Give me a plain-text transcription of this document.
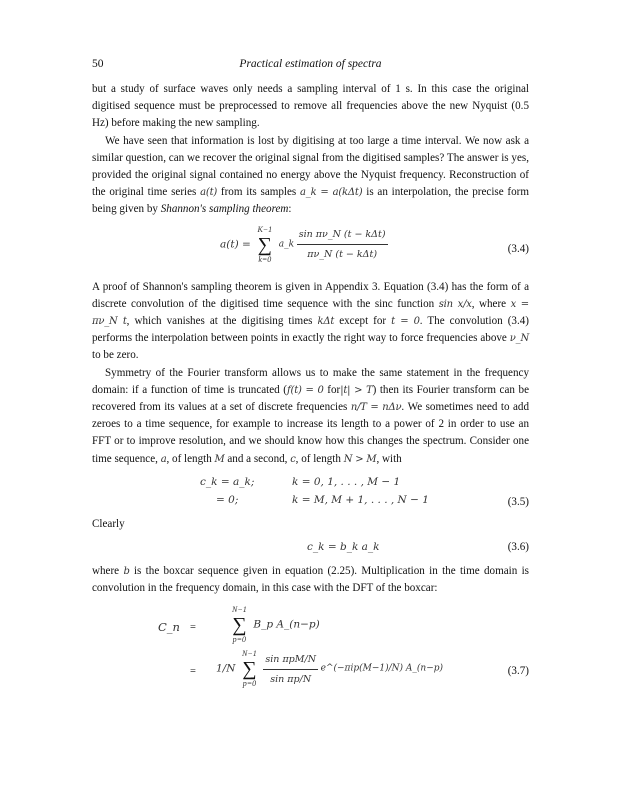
50	Practical estimation of spectra

but a study of surface waves only needs a sampling interval of 1 s. In this case the original digitised sequence must be preprocessed to remove all frequencies above the new Nyquist (0.5 Hz) before making the new sampling.

We have seen that information is lost by digitising at too large a time interval. We now ask a similar question, can we recover the original signal from the digitised samples? The answer is yes, provided the original signal contained no energy above the Nyquist frequency. Reconstruction of the original time series a(t) from its samples a_k = a(kΔt) is an interpolation, the precise form being given by Shannon's sampling theorem:

a(t) =
K−1
∑
k=0
a_k $\frac{\text{sin πν\_N (t − kΔt)}}{\text{πν\_N (t − kΔt)}}$	(3.4)

A proof of Shannon's sampling theorem is given in Appendix 3. Equation (3.4) has the form of a discrete convolution of the digitised time sequence with the sinc function sin x/x, where x = πν_N t, which vanishes at the digitising times kΔt except for t = 0. The convolution (3.4) performs the interpolation between points in exactly the right way to force frequencies above ν_N to be zero.

Symmetry of the Fourier transform allows us to make the same statement in the frequency domain: if a function of time is truncated (f(t) = 0 for|t| > T) then its Fourier transform can be recovered from its values at a set of discrete frequencies n/T = nΔν. We sometimes need to add zeroes to a time sequence, for example to increase its length to a power of 2 in order to use an FFT or to improve resolution, and we should know how this changes the spectrum. Consider one time sequence, a, of length M and a second, c, of length N > M, with

c_k = a_k;	k = 0, 1, . . . , M − 1
= 0;	k = M, M + 1, . . . , N − 1	(3.5)

Clearly

c_k = b_k a_k	(3.6)

where b is the boxcar sequence given in equation (2.25). Multiplication in the time domain is convolution in the frequency domain, in this case with the DFT of the boxcar:

C_n =
N−1
∑
p=0
B_p A_(n−p)
= 1/N
N−1
∑
p=0
$\frac{\text{sin πpM/N}}{\text{sin πp/N}}$ e^(−πip(M−1)/N) A_(n−p)	(3.7)
